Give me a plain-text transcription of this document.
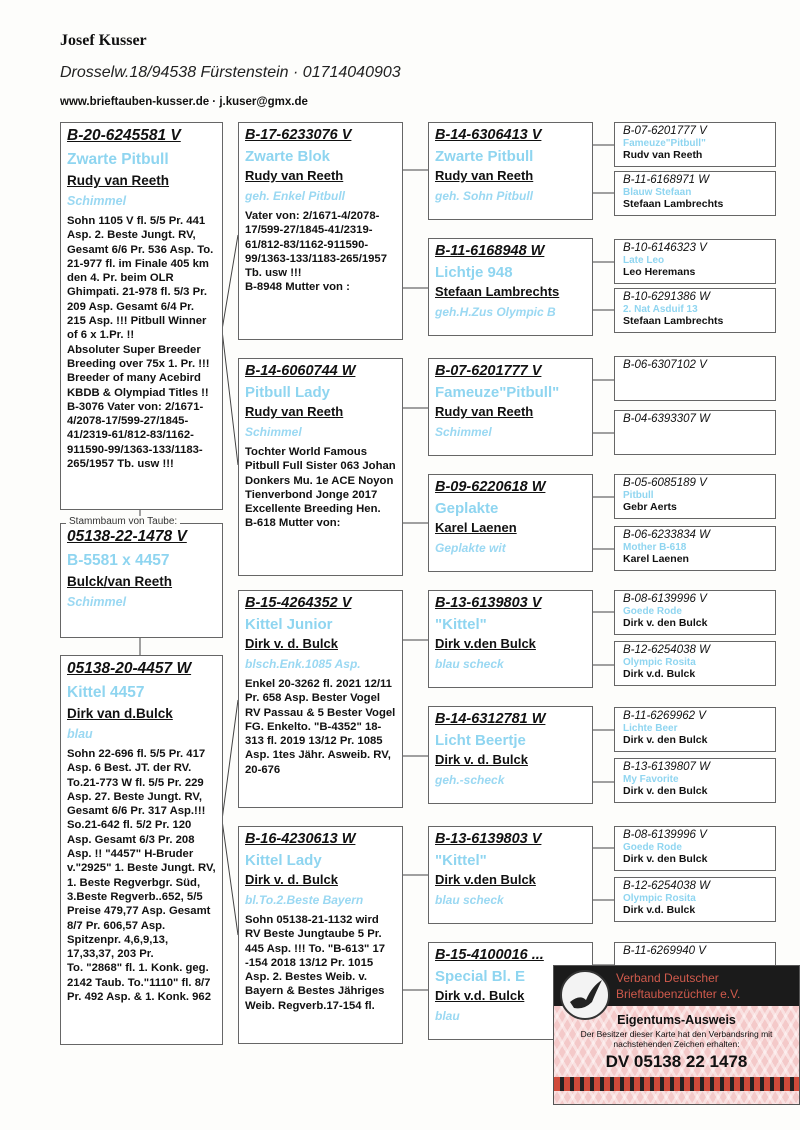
Josef Kusser
Drosselw.18/94538 Fürstenstein · 01714040903
www.brieftauben-kusser.de · j.kuser@gmx.de
B-20-6245581 V
Zwarte Pitbull
Rudy van Reeth
Schimmel
Sohn 1105 V fl. 5/5 Pr. 441 Asp. 2. Beste Jungt. RV, Gesamt 6/6 Pr. 536 Asp. To. 21-977 fl. im Finale 405 km den 4. Pr. beim OLR Ghimpati. 21-978 fl. 5/3 Pr. 209 Asp. Gesamt 6/4 Pr. 215 Asp. !!! Pitbull Winner of 6 x 1.Pr. !!
Absoluter Super Breeder Breeding over 75x 1. Pr. !!!
Breeder of many Acebird KBDB & Olympiad Titles !!
B-3076 Vater von: 2/1671-4/2078-17/599-27/1845-41/2319-61/812-83/1162-911590-99/1363-133/1183-265/1957 Tb. usw !!!
05138-22-1478 V
B-5581 x 4457
Bulck/van Reeth
Schimmel
05138-20-4457 W
Kittel 4457
Dirk van d.Bulck
blau
Sohn 22-696 fl. 5/5 Pr. 417 Asp. 6 Best. JT. der RV. To.21-773 W fl. 5/5 Pr. 229 Asp. 27. Beste Jungt. RV, Gesamt 6/6 Pr. 317 Asp.!!! So.21-642 fl. 5/2 Pr. 120 Asp. Gesamt 6/3 Pr. 208 Asp. !! "4457" H-Bruder v."2925" 1. Beste Jungt. RV,
1. Beste Regverbgr. Süd, 3.Beste Regverb..652, 5/5 Preise 479,77 Asp. Gesamt 8/7 Pr. 606,57 Asp. Spitzenpr. 4,6,9,13, 17,33,37, 203 Pr.
To. "2868" fl. 1. Konk. geg. 2142 Taub. To."1110" fl. 8/7 Pr. 492 Asp. & 1. Konk. 962
B-17-6233076 V
Zwarte Blok
Rudy van Reeth
geh. Enkel Pitbull
Vater von: 2/1671-4/2078-17/599-27/1845-41/2319-61/812-83/1162-911590-99/1363-133/1183-265/1957 Tb. usw !!!
B-8948 Mutter von :
B-14-6060744 W
Pitbull Lady
Rudy van Reeth
Schimmel
Tochter World Famous Pitbull Full Sister 063 Johan Donkers Mu. 1e ACE Noyon Tienverbond Jonge 2017 Excellente Breeding Hen.
B-618 Mutter von:
B-15-4264352 V
Kittel Junior
Dirk v. d. Bulck
blsch.Enk.1085 Asp.
Enkel 20-3262 fl. 2021 12/11 Pr. 658 Asp. Bester Vogel RV Passau & 5 Bester Vogel FG. Enkelto. "B-4352" 18-313 fl. 2019 13/12 Pr. 1085 Asp. 1tes Jähr. Asweib. RV, 20-676
B-16-4230613 W
Kittel Lady
Dirk v. d. Bulck
bl.To.2.Beste Bayern
Sohn 05138-21-1132 wird RV Beste Jungtaube 5 Pr. 445 Asp. !!! To. "B-613" 17 -154 2018 13/12 Pr. 1015 Asp. 2. Bestes Weib. v. Bayern & Bestes Jähriges Weib. Regverb.17-154 fl.
B-14-6306413 V
Zwarte Pitbull
Rudy van Reeth
geh. Sohn Pitbull
B-11-6168948 W
Lichtje 948
Stefaan Lambrechts
geh.H.Zus Olympic B
B-07-6201777 V
Fameuze"Pitbull"
Rudy van Reeth
Schimmel
B-09-6220618 W
Geplakte
Karel Laenen
Geplakte wit
B-13-6139803 V
"Kittel"
Dirk v.den Bulck
blau scheck
B-14-6312781 W
Licht Beertje
Dirk v. d. Bulck
geh.-scheck
B-13-6139803 V
"Kittel"
Dirk v.den Bulck
blau scheck
B-15-4100016 ...
Special Bl. E
Dirk v.d. Bulck
blau
B-07-6201777 V
Fameuze"Pitbull"
Rudv van Reeth
B-11-6168971 W
Blauw Stefaan
Stefaan Lambrechts
B-10-6146323 V
Late Leo
Leo Heremans
B-10-6291386 W
2. Nat Asduif 13
Stefaan Lambrechts
B-06-6307102 V
B-04-6393307 W
B-05-6085189 V
Pitbull
Gebr Aerts
B-06-6233834 W
Mother B-618
Karel Laenen
B-08-6139996 V
Goede Rode
Dirk v. den Bulck
B-12-6254038 W
Olympic Rosita
Dirk v.d. Bulck
B-11-6269962 V
Lichte Beer
Dirk v. den Bulck
B-13-6139807 W
My Favorite
Dirk v. den Bulck
B-08-6139996 V
Goede Rode
Dirk v. den Bulck
B-12-6254038 W
Olympic Rosita
Dirk v.d. Bulck
B-11-6269940 V
Stammbaum von Taube:
Verband Deutscher
Brieftaubenzüchter e.V.
Eigentums-Ausweis
Der Besitzer dieser Karte hat den Verbandsring mit nachstehenden Zeichen erhalten:
DV 05138 22 1478
